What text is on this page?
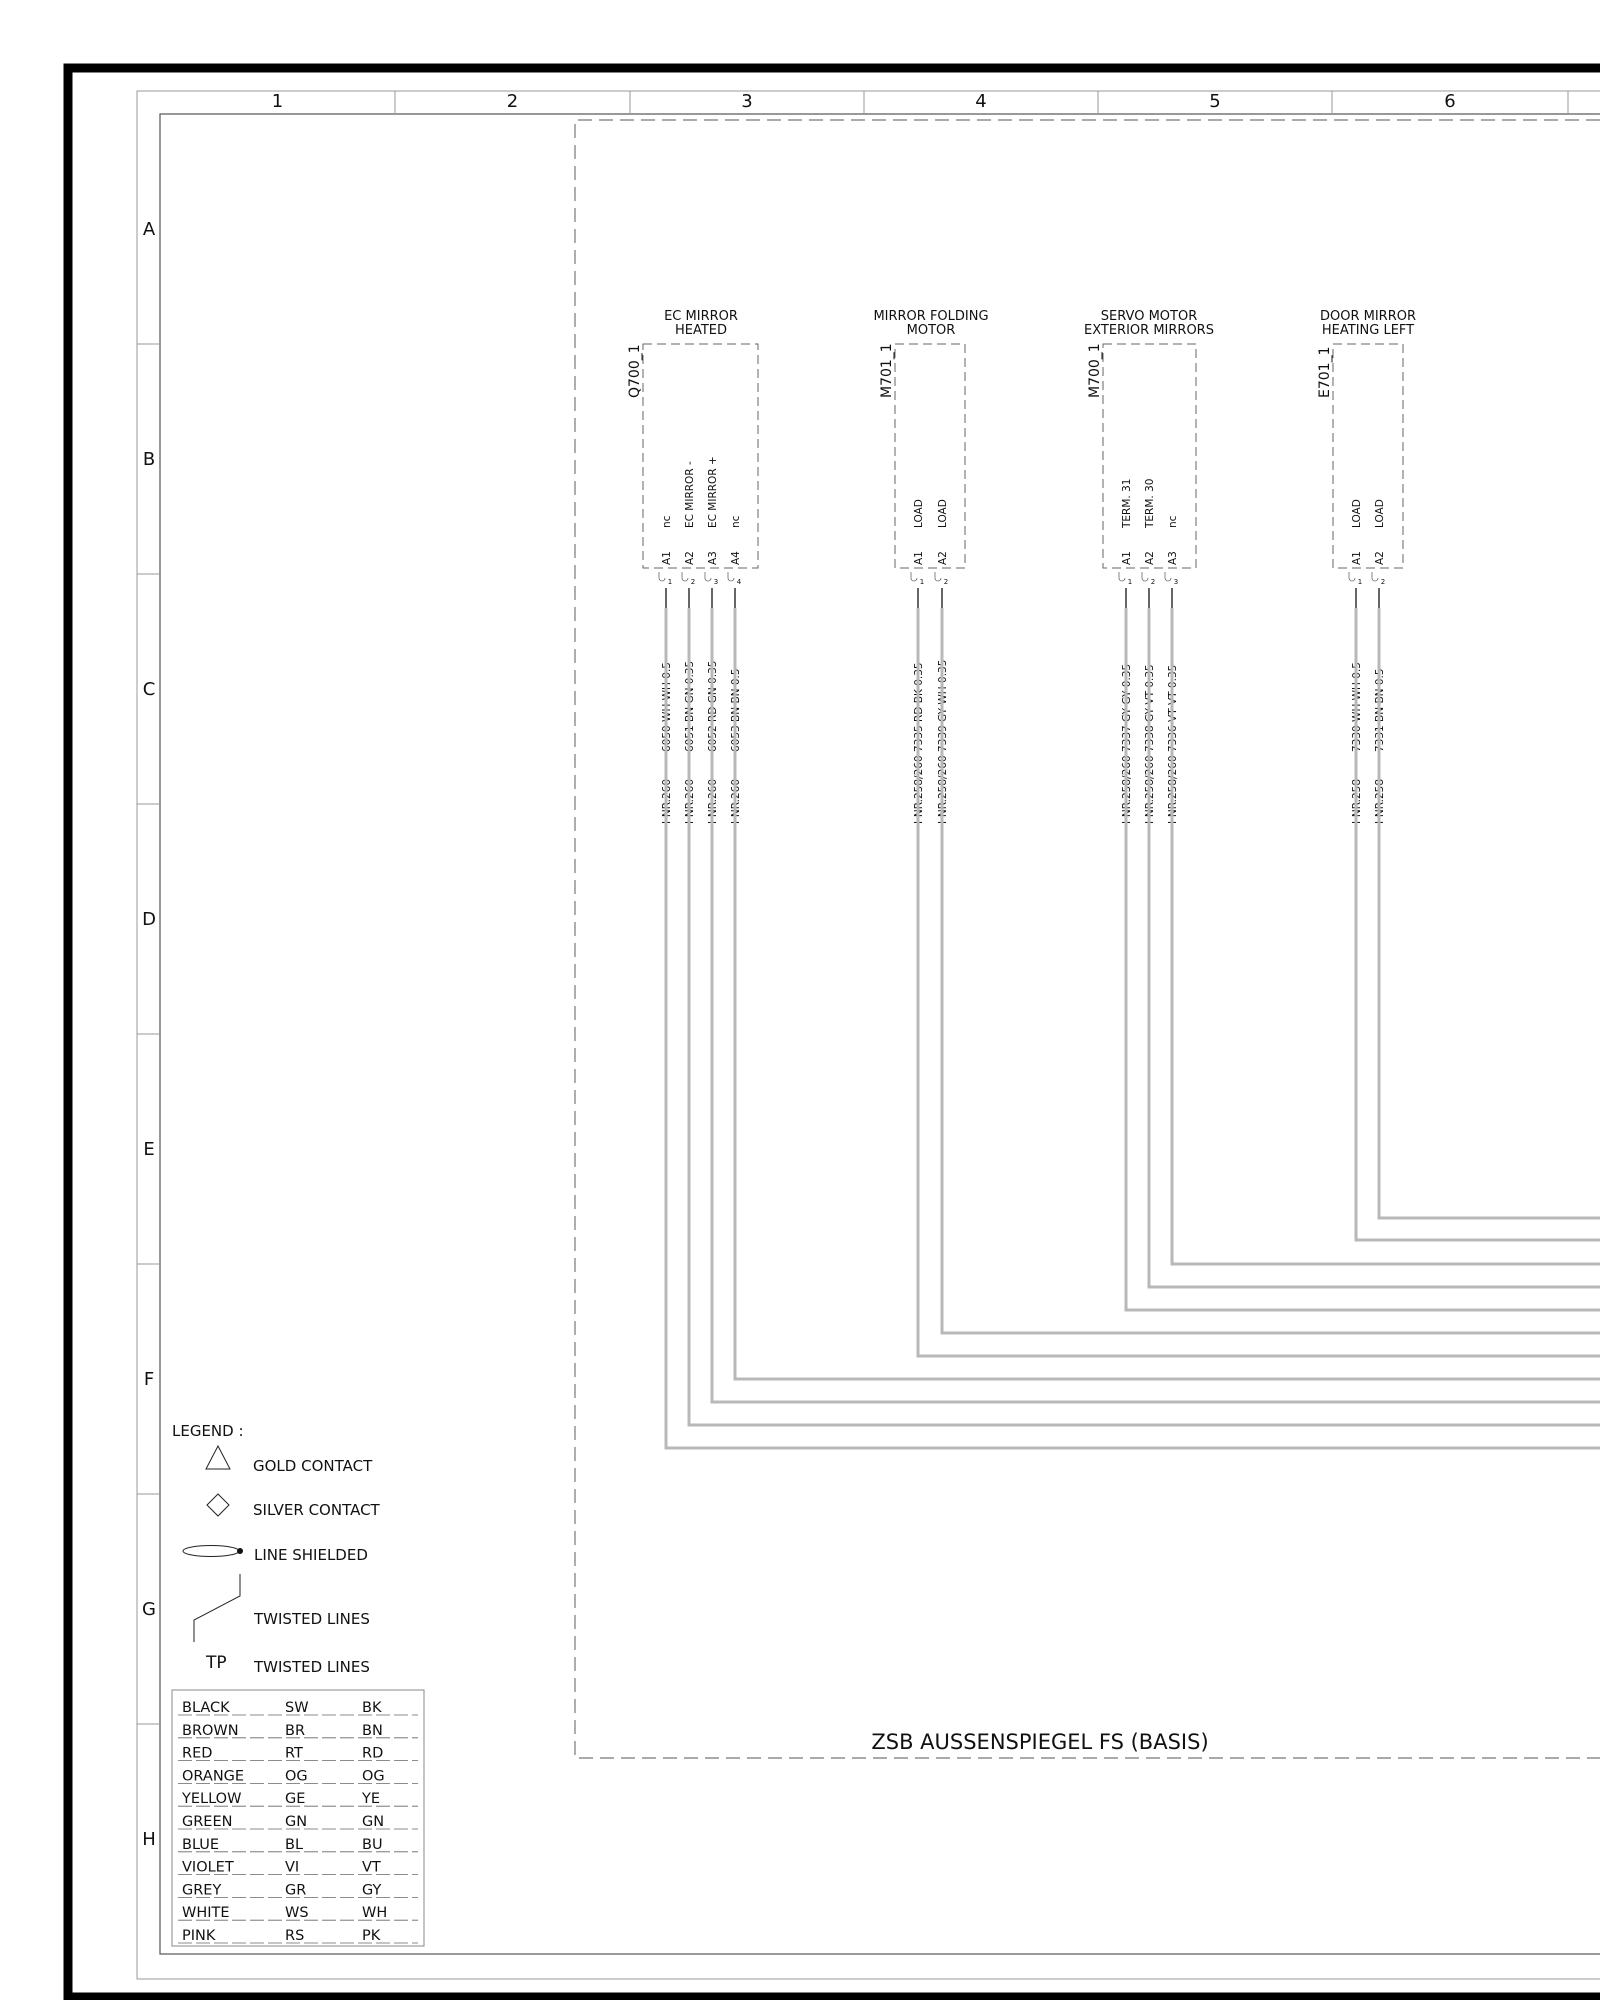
1	2	3	4	5	6
A
B
C
D
E
F
G
H
ZSB AUSSENSPIEGEL FS (BASIS)
EC MIRROR
HEATED
Q700_1
nc
A1
1
6050 WH WH 0.5
I-NR.260
EC MIRROR -
A2
2
6051 BN GN 0.35
I-NR.260
EC MIRROR +
A3
3
6052 RD GN 0.35
I-NR.260
nc
A4
4
6053 BN BN 0.5
I-NR.260
MIRROR FOLDING
MOTOR
M701_1
LOAD
A1
1
7335 RD BK 0.35
I-NR.258/260
LOAD
A2
2
7339 GY WH 0.35
I-NR.258/260
SERVO MOTOR
EXTERIOR MIRRORS
M700_1
TERM. 31
A1
1
7337 GY GY 0.35
I-NR.258/260
TERM. 30
A2
2
7338 GY VT 0.35
I-NR.258/260
nc
A3
3
7336 VT VT 0.35
I-NR.258/260
DOOR MIRROR
HEATING LEFT
E701_1
LOAD
A1
1
7330 WH WH 0.5
I-NR.258
LOAD
A2
2
7331 BN BN 0.5
I-NR.258
LEGEND :
GOLD CONTACT
SILVER CONTACT
LINE SHIELDED
TWISTED LINES
TP TWISTED LINES
BLACK	SW	BK
BROWN	BR	BN
RED	RT	RD
ORANGE	OG	OG
YELLOW	GE	YE
GREEN	GN	GN
BLUE	BL	BU
VIOLET	VI	VT
GREY	GR	GY
WHITE	WS	WH
PINK	RS	PK
